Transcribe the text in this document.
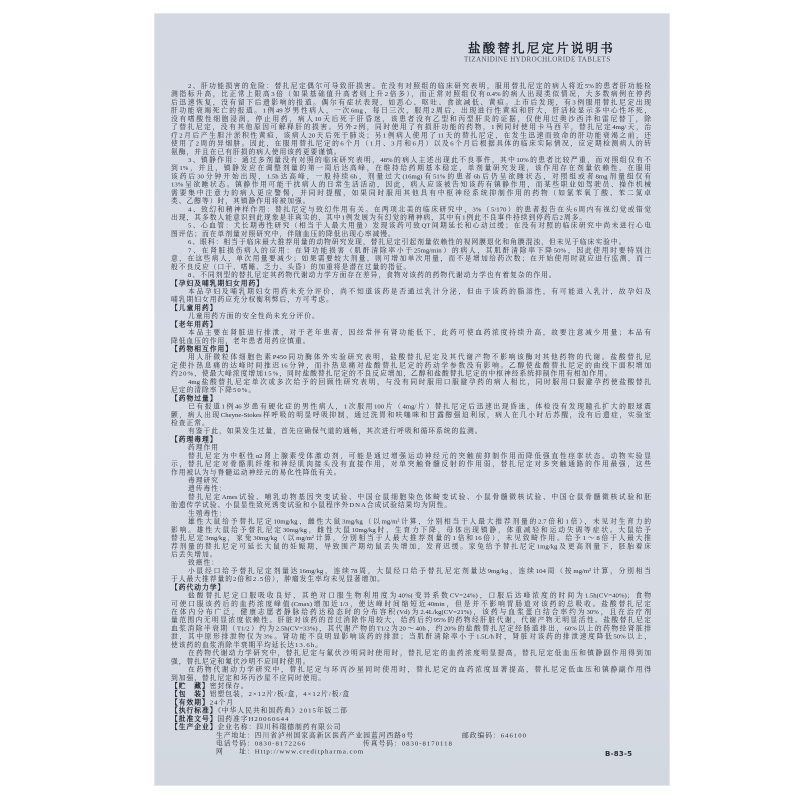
盐酸替扎尼定片说明书
TIZANIDINE HYDROCHLORIDE TABLETS
2、肝功能损害的危险：替扎尼定偶尔可导致肝损害。在没有对照组的临床研究表明，服用替扎尼定的病人将近5%的患者肝功能检
测指标升高，比正常上限高3倍（如果基础值升高者则上升2倍多），而正常对照组仅有0.4%的病人出现类似情况，大多数病例在停药
后迅速恢复，没有留下后遗影响的报道。偶尔有症状表现，如恶心、呕吐、食欲减低、黄疸。上市后发现，有3例服用替扎尼定出现
肝功能衰竭死亡的报道。1例49岁男性病人，一次6mg，每日三次，服用2周后，出现进行性黄疸和肝大，肝活检显示多中心性坏死，
没有嗜酸性细胞浸润，停止用药，病人10天后死于肝昏迷，该患者没有乙型和丙型肝炎的证据，仅使用过奥沙西泮和雷尼替丁，除
了替扎尼定，没有其他原因可解释肝的损害。另外2例，同时使用了有损肝功能的药物，1例同时使用卡马西平，替扎尼定4mg/天，治
疗2月后产生胆汁淤积性黄疸，该病人20天后死于肺炎；另1例病人使用了11天的替扎尼定，在发生迅速而致命的肝功能衰竭之前，还
使用了2周的异烟肼。因此，在服用替扎尼定的6个月（1月、3月和6月）以及6个月后根据具体的临床实际情况，应定期检测病人的转
氨酶，并且在已有肝损的病人使用该药更要谨慎。
3、镇静作用：通过多剂量没有对照的临床研究表明，48%的病人主述出现此不良事件，其中10%的患者比较严重，而对照组仅有不
到1%，并且，镇静发应在调整剂量的第一周后达高峰，在维持给药期基本稳定，单剂量研究发现，该作用存在剂量依赖性，在服用
该药后30分钟开始出现，1.5h达高峰，一般持续6h，剂量过大(16mg)有51%的患者6h后仍呈欲睡状态，对照组或者8mg剂量组仅有
13%呈欲睡状态。镇静作用可能干扰病人的日常生活活动，因此，病人应该被告知该药有镇静作用，而某些职业如驾驶员、操作机械
需要集中注意力的病人更应警惕，并同时提醒，如果同时服用其他具有中枢神经系统抑制作用的药物（如氯苯氧丁酸、苯二氮卓
类、乙醇等）时，其镇静作用将被加强。
4、致幻和精神样作用：替扎尼定与致幻作用有关。在两项北美的临床研究中，3%（5/170）的患者报告在头6周内有视幻觉或错觉
出现，其多数人能意识到此现象是非真实的，其中1例发展为有幻觉的精神病，其中有1例此不良事件持续到停药后2周多。
5、心血管：犬长期毒性研究（相当于人最大用量）发现该药可致QT间期延长和心动过缓；在没有对照的临床研究中尚未进行心电
图评估；而在单剂量对照研究中，伴随血压的降低出现心率减慢。
6、眼科：相当于临床最大推荐用量的动物研究发现，替扎尼定引起剂量依赖性的视网膜退化和角膜混浊，但未见于临床实验中。
7、在肾脏损伤病人的应用：在肾功能损害（肌酐清除率小于25mg/min）的病人，其肌酐清除率下降50%，因此使用时要特别注
意，在这些病人，单次用量要减少；如果需要较大剂量，则可增加单次用量，而不是增加给药次数；在开始使用时就应进行监测，而一
般不良反应（口干、嗜睡、乏力、头昏）的加重将是潜在过量的指征。
8、不同剂型的替扎尼定其药物代谢动力学方面存在差异，食物对该药的药物代谢动力学也有着复杂的作用。
【孕妇及哺乳期妇女用药】
本品孕妇及哺乳期妇女用药未充分评价，尚不知道该药是否通过乳汁分泌，但由于该药的脂溶性，有可能进入乳汁，故孕妇及
哺乳期妇女用药应充分权衡利弊后，方可考虑。
【儿童用药】
儿童用药方面的安全性尚未充分评价。
【老年用药】
本品主要在肾脏进行排泄，对于老年患者，因经常伴有肾功能低下，此药可使血药浓度持续升高，故要注意减少用量；本品有
降低血压的作用，老年患者用药应慎重。
【药物相互作用】
用人肝微粒体细胞色素P450同功酶体外实验研究表明，盐酸替扎尼定及其代谢产物不影响该酶对其他药物的代谢。盐酸替扎尼
定使扑热息痛的达峰时间推迟16分钟，而扑热息痛对盐酸替扎尼定的药动学参数没有影响。乙醇使盐酸替扎尼定的曲线下面积增加
约20%，使最大峰浓度增加15%，同时盐酸替扎尼定的不良反应增加，乙醇和盐酸替扎尼定的中枢神经系统抑制作用有相加作用。
4mg盐酸替扎尼定单次或多次给予的回顾性研究表明，与没有同时服用口服避孕药的病人相比，同时服用口服避孕药使盐酸替扎
尼定的清除率下降50%。
【药物过量】
已有报道1例46岁患有硬化症的男性病人，1次服用100片（4mg/片）替扎尼定后迅速出现昏迷，体检没有发现瞳孔扩大的眼球震
颤，病人出现Cheyne-Stokes样呼吸的明显呼吸抑制，通过洗胃和呋噻咪和甘露醇强迫利尿，病人在几小时后苏醒，没有后遗症，实验室
检查正常。
有鉴于此，如果发生过量，首先应确保气道的通畅，其次进行呼吸和循环系统的监测。
【药理毒理】
药理作用
替扎尼定为中枢性α2肾上腺素受体激动剂，可能是通过增强运动神经元的突触前抑制作用而降低强直性痉挛状态。动物实验显
示，替扎尼定对骨骼肌纤维和神经肌肉接头没有直接作用，对单突触脊髓反射的作用弱，替扎尼定对多突触通路的作用最强，这些
作用被认为与脊髓运动神经元的易化性降低有关。
毒理研究
遗传毒性：
替扎尼定Ames试验、哺乳动物基因突变试验、中国仓鼠细胞染色体畸变试验、小鼠骨髓微核试验、中国仓鼠骨髓微核试验和胚
胎遗传学试验、小鼠显性致死诱变试验和小鼠程序外DNA合成试验结果均为阴性。
生殖毒性：
雄性大鼠给予替扎尼定10mg/kg，雌性大鼠3mg/kg（以mg/m²计算，分别相当于人最大推荐剂量的2.7倍和1倍），未见对生育力的
影响。雄性大鼠给予替扎尼定30mg/kg，雌性大鼠10mg/kg时，生育力下降，母体出现镇静，体重减轻和运动失调等症状。大鼠给予
替扎尼定3mg/kg，家兔30mg/kg（以mg/m²计算，分别相当于人最大推荐剂量的1倍和16倍），未见致畸作用。给予1～8倍于人最大推
荐剂量的替扎尼定可延长大鼠的妊娠期，导致围产期幼鼠丢失增加，发育迟缓。家兔给予替扎尼定1mg/kg及更高剂量下，胚胎着床
后丢失增加。
致癌性：
小鼠经口给予替扎尼定剂量达16mg/kg，连续78周，大鼠经口给予替扎尼定剂量达9mg/kg，连续104周（按mg/m²计算，分别相当
于人最大推荐量的2倍和2.5倍），肿瘤发生率均未见显著增加。
【药代动力学】
盐酸替扎尼定口服吸收良好，其绝对口服生物利用度为40%(变异系数CV=24%)，口服后达峰浓度的时间为1.5h(CV=40%)；食物
可使口服该药后的血药浓度峰值(Cmax)增加近1/3，使达峰时间缩短近40min，但是并不影响胃肠道对该药的总吸收。盐酸替扎尼定
在体内分布广泛，健康志愿者静脉给药达稳态时的分布容积(Vd)为2.4L/kg(CV=21%)，该药与血浆蛋白结合率约为30%，且在治疗剂
量范围内无明显浓度依赖性。肝脏对该药的首过消除作用较大，给药后约95%的药物经肝脏代谢，代谢产物无明显活性。盐酸替扎尼定
血浆消除半衰期（T1/2）约为2.5h(CV=33%)，其代谢产物的T1/2为20～40h，约20%的盐酸替扎尼定经肠道排出，60%以上的药物经肾脏排
泄，其中原形排泄物仅为3%。肾功能不良明显影响该药的排泄；当肌酐清除率小于1.5L/h时，肾脏对该药的排泄速度降低50%以上，
使该药的血浆消除半衰期平均延长达13.6h。
在药物代谢动力学研究中，替扎尼定与氟伏沙明同时使用时，替扎尼定的血药浓度明显提高，替扎尼定低血压和镇静副作用得到加
强，替扎尼定和氟伏沙明不应同时使用。
在药物代谢动力学研究中，替扎尼定与环丙沙星同时使用时，替扎尼定的血药浓度显著提高，替扎尼定低血压和镇静副作用得
到加强，替扎尼定和环丙沙星不应同时使用。
【贮　藏】密封保存。
【包　装】铝塑包装，2×12片/板/盒，4×12片/板/盒
【有效期】24个月
【执行标准】《中华人民共和国药典》2015年版二部
【批准文号】国药准字H20060644
【生产企业】企业名称：四川科瑞德制药有限公司
生产地址：四川省泸州国家高新区医药产业园蓝河西路8号	邮政编码：646100
电话号码：0830-8172266	传真号码：0830-8170118
网　　址：Http://www.creditpharma.com	B-83-5
